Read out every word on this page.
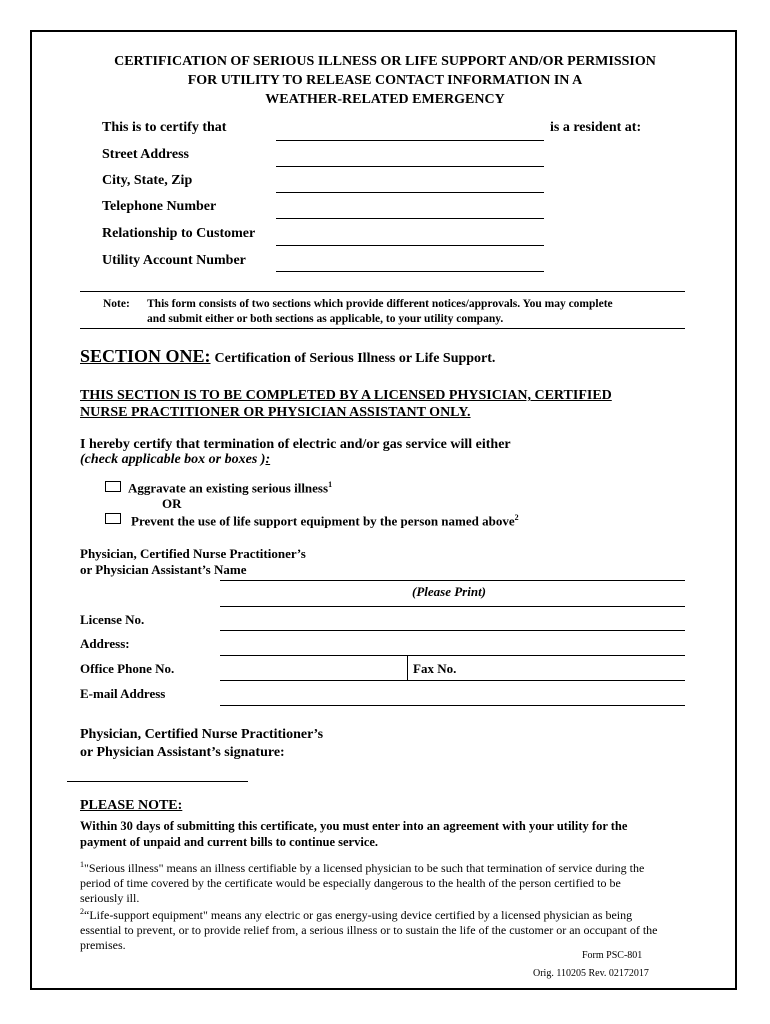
CERTIFICATION OF SERIOUS ILLNESS OR LIFE SUPPORT AND/OR PERMISSION
FOR UTILITY TO RELEASE CONTACT INFORMATION IN A
WEATHER-RELATED EMERGENCY
This is to certify that	is a resident at:
Street Address
City, State, Zip
Telephone Number
Relationship to Customer
Utility Account Number
Note: This form consists of two sections which provide different notices/approvals. You may complete
and submit either or both sections as applicable, to your utility company.
SECTION ONE: Certification of Serious Illness or Life Support.
THIS SECTION IS TO BE COMPLETED BY A LICENSED PHYSICIAN, CERTIFIED
NURSE PRACTITIONER OR PHYSICIAN ASSISTANT ONLY.
I hereby certify that termination of electric and/or gas service will either
(check applicable box or boxes ):
Aggravate an existing serious illness$^1$
OR
Prevent the use of life support equipment by the person named above$^2$
Physician, Certified Nurse Practitioner’s
or Physician Assistant’s Name
(Please Print)
License No.
Address:
Office Phone No.	Fax No.
E-mail Address
Physician, Certified Nurse Practitioner’s
or Physician Assistant’s signature:
PLEASE NOTE:
Within 30 days of submitting this certificate, you must enter into an agreement with your utility for the
payment of unpaid and current bills to continue service.
$^1$"Serious illness" means an illness certifiable by a licensed physician to be such that termination of service during the
period of time covered by the certificate would be especially dangerous to the health of the person certified to be
seriously ill.
$^2$“Life-support equipment" means any electric or gas energy-using device certified by a licensed physician as being
essential to prevent, or to provide relief from, a serious illness or to sustain the life of the customer or an occupant of the
premises.
Form PSC-801
Orig. 110205 Rev. 02172017
